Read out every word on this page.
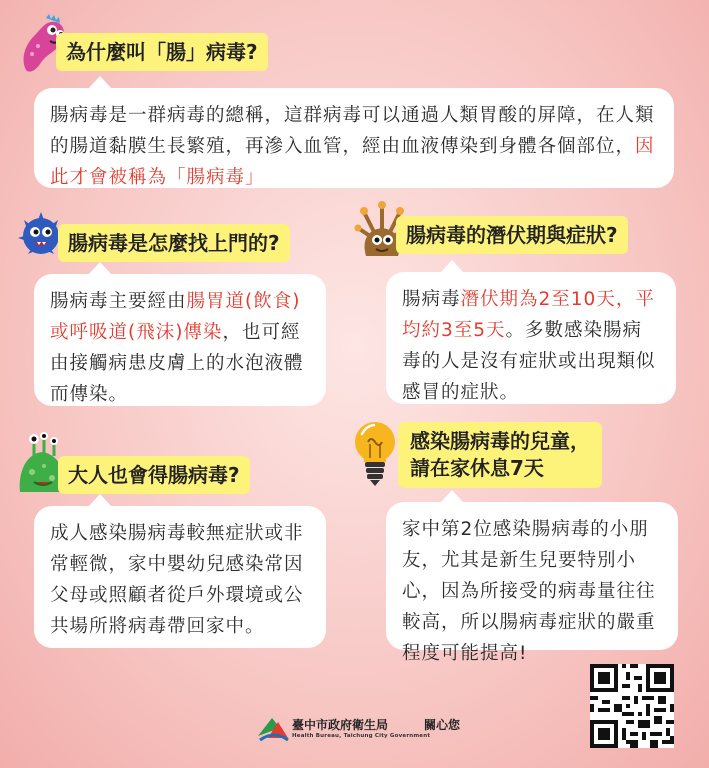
為什麼叫「腸」病毒?
腸病毒是一群病毒的總稱，這群病毒可以通過人類胃酸的屏障，在人類的腸道黏膜生長繁殖，再滲入血管，經由血液傳染到身體各個部位，因此才會被稱為「腸病毒」
腸病毒是怎麼找上門的?
腸病毒主要經由腸胃道(飲食)或呼吸道(飛沫)傳染，也可經由接觸病患皮膚上的水泡液體而傳染。
腸病毒的潛伏期與症狀?
腸病毒潛伏期為2至10天，平均約3至5天。多數感染腸病毒的人是沒有症狀或出現類似感冒的症狀。
大人也會得腸病毒?
成人感染腸病毒較無症狀或非常輕微，家中嬰幼兒感染常因父母或照顧者從戶外環境或公共場所將病毒帶回家中。
感染腸病毒的兒童，
請在家休息7天
家中第2位感染腸病毒的小朋友，尤其是新生兒要特別小心，因為所接受的病毒量往往較高，所以腸病毒症狀的嚴重程度可能提高!
臺中市政府衛生局
Health Bureau, Taichung City Government
關心您
